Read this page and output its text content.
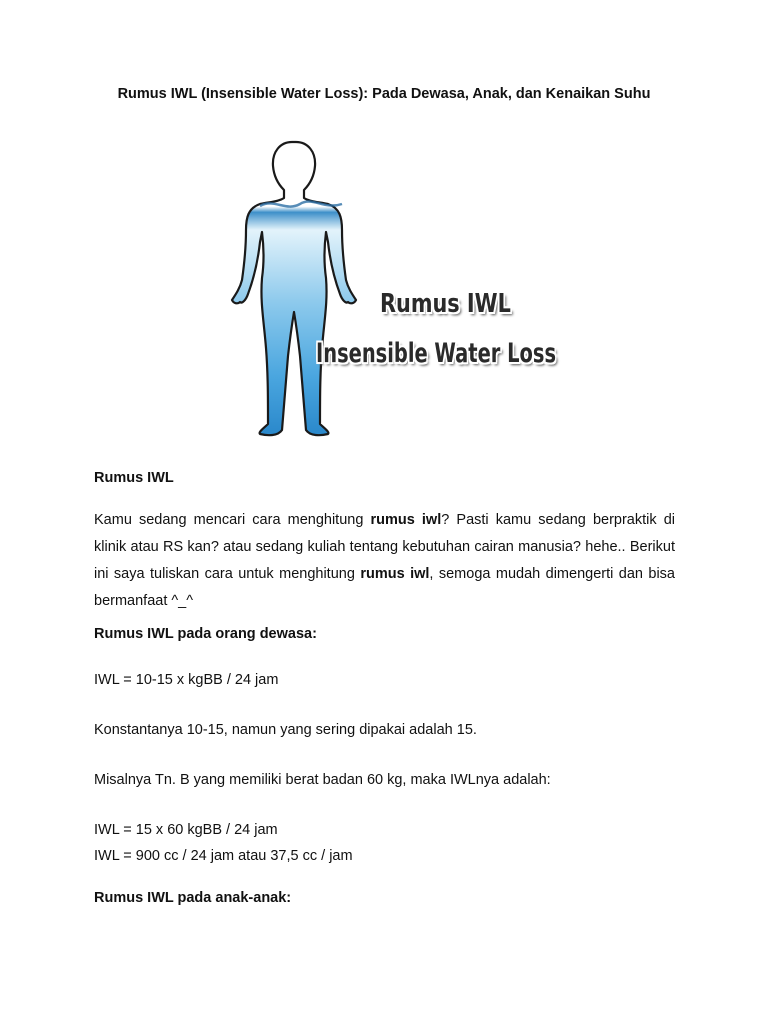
Rumus IWL (Insensible Water Loss): Pada Dewasa, Anak, dan Kenaikan Suhu
Rumus IWL
Insensible Water Loss
Rumus IWL
Kamu sedang mencari cara menghitung rumus iwl? Pasti kamu sedang berpraktik di klinik atau RS kan? atau sedang kuliah tentang kebutuhan cairan manusia? hehe.. Berikut ini saya tuliskan cara untuk menghitung rumus iwl, semoga mudah dimengerti dan bisa bermanfaat ^_^
Rumus IWL pada orang dewasa:
IWL = 10-15 x kgBB / 24 jam
Konstantanya 10-15, namun yang sering dipakai adalah 15.
Misalnya Tn. B yang memiliki berat badan 60 kg, maka IWLnya adalah:
IWL = 15 x 60 kgBB / 24 jam
IWL = 900 cc / 24 jam atau 37,5 cc / jam
Rumus IWL pada anak-anak:
